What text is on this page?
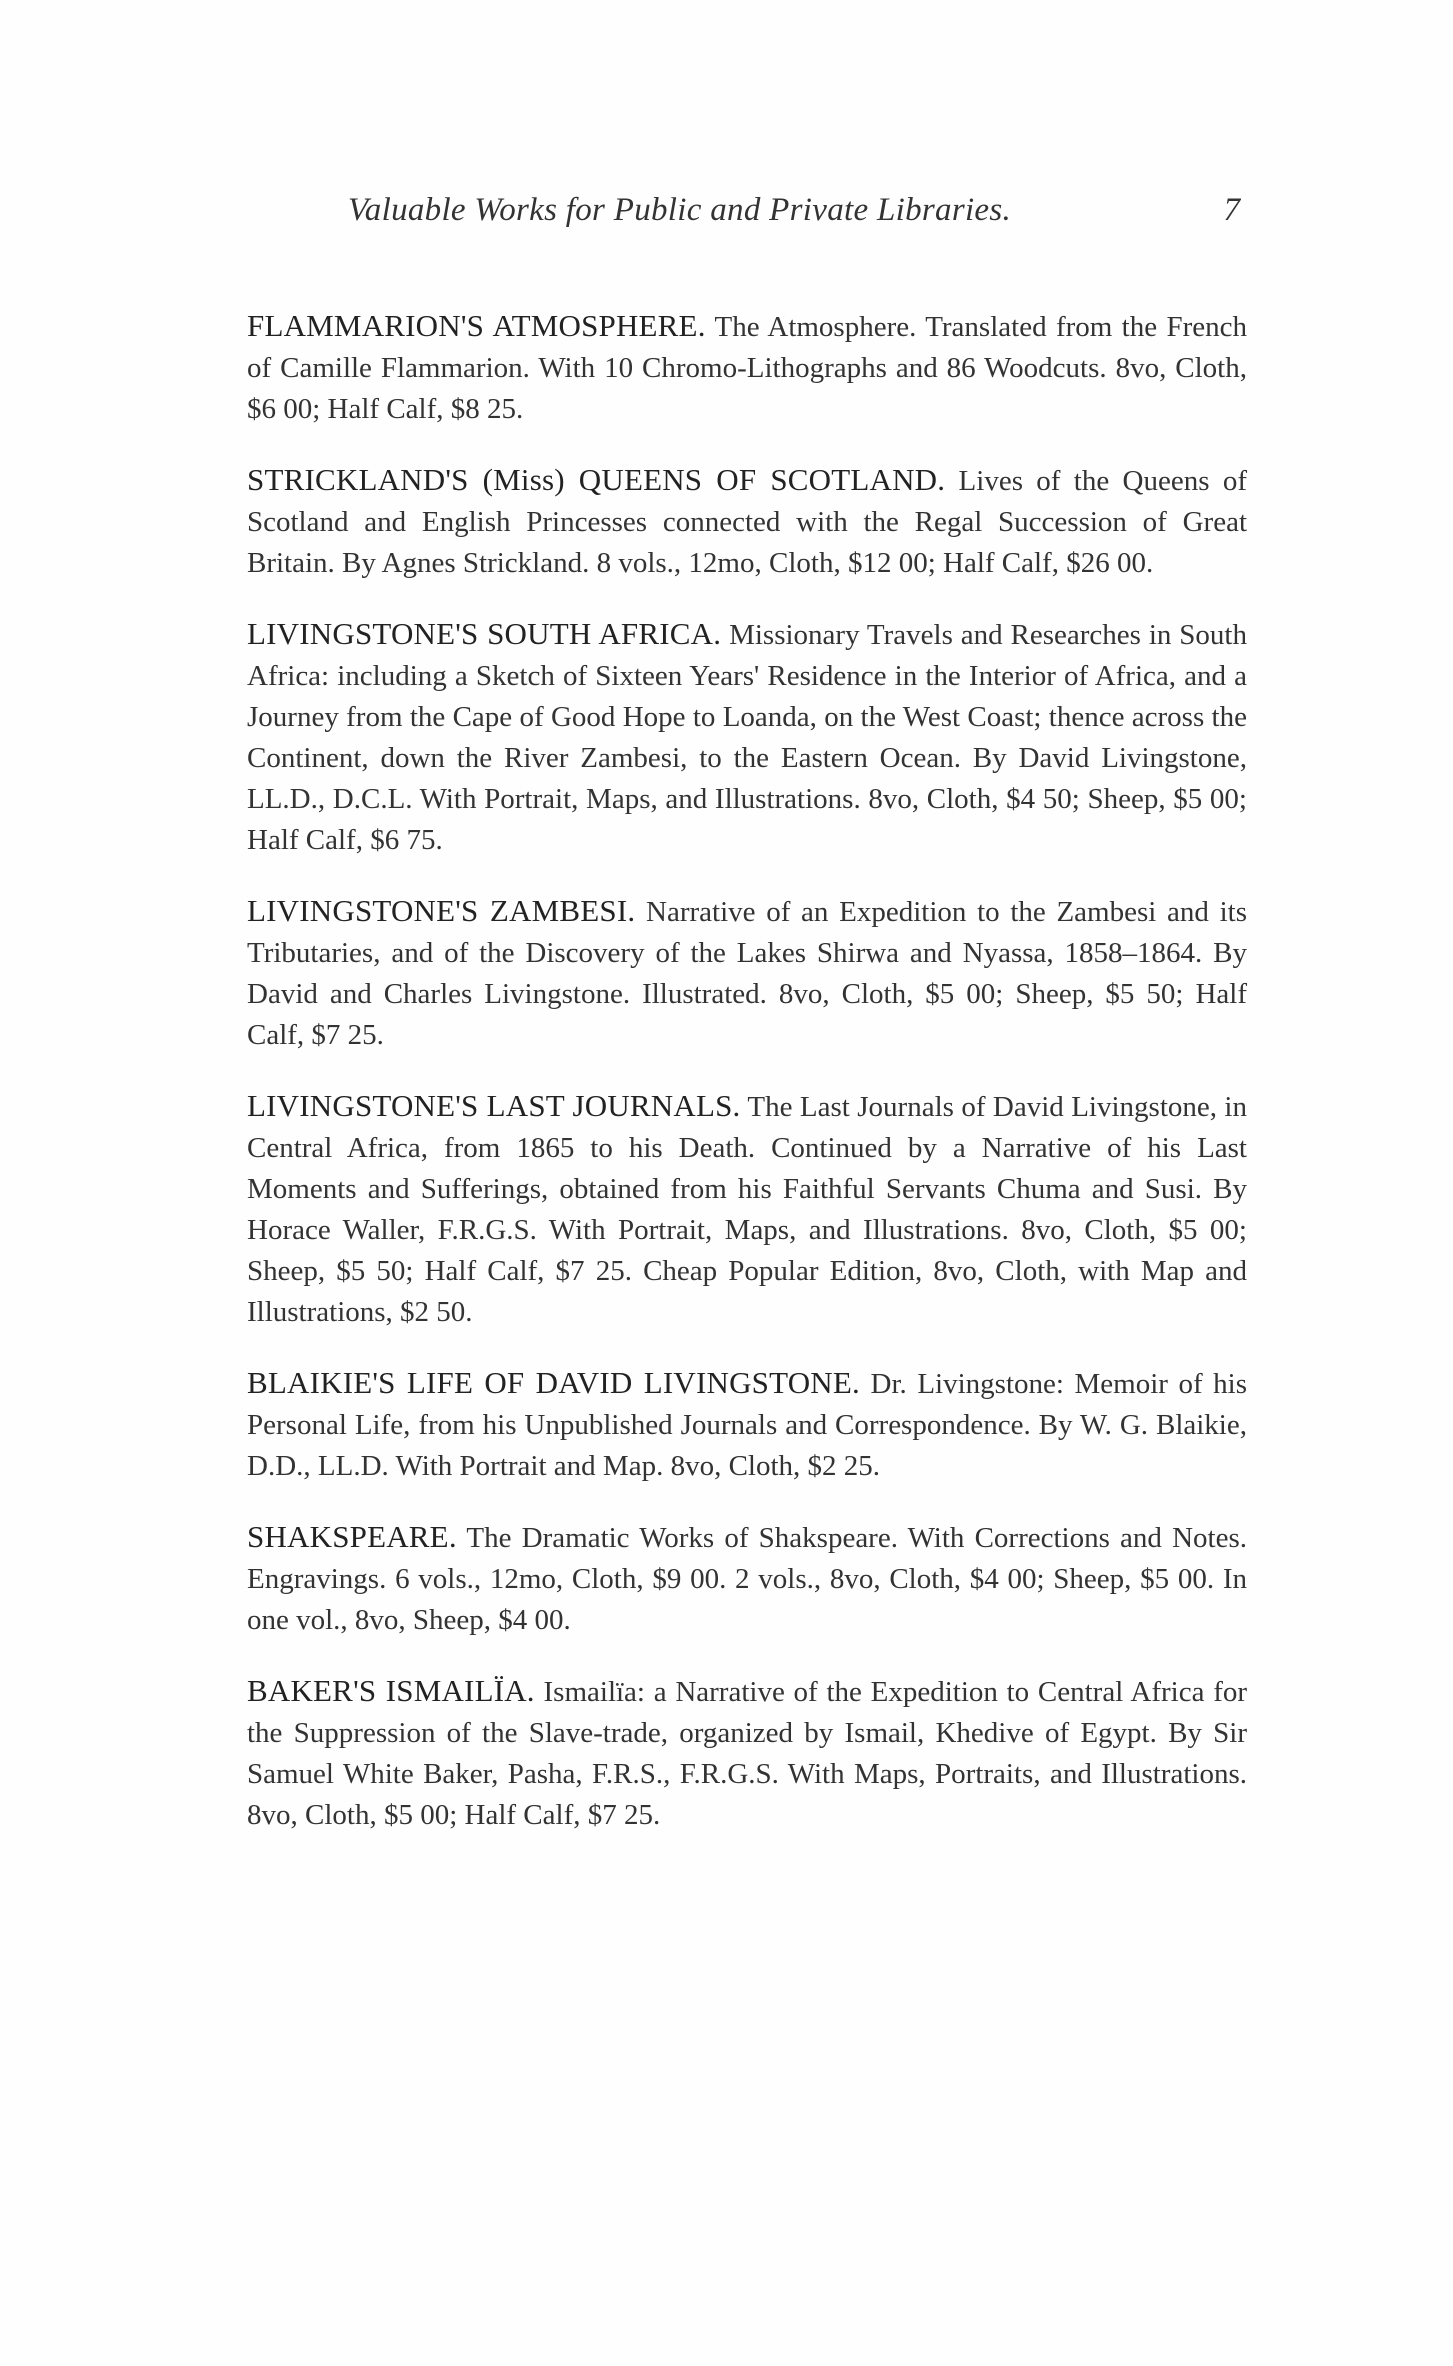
Valuable Works for Public and Private Libraries.	7

FLAMMARION'S ATMOSPHERE. The Atmosphere. Translated from the French of Camille Flammarion. With 10 Chromo-Lithographs and 86 Woodcuts. 8vo, Cloth, $6 00; Half Calf, $8 25.

STRICKLAND'S (Miss) QUEENS OF SCOTLAND. Lives of the Queens of Scotland and English Princesses connected with the Regal Succession of Great Britain. By Agnes Strickland. 8 vols., 12mo, Cloth, $12 00; Half Calf, $26 00.

LIVINGSTONE'S SOUTH AFRICA. Missionary Travels and Researches in South Africa: including a Sketch of Sixteen Years' Residence in the Interior of Africa, and a Journey from the Cape of Good Hope to Loanda, on the West Coast; thence across the Continent, down the River Zambesi, to the Eastern Ocean. By David Livingstone, LL.D., D.C.L. With Portrait, Maps, and Illustrations. 8vo, Cloth, $4 50; Sheep, $5 00; Half Calf, $6 75.

LIVINGSTONE'S ZAMBESI. Narrative of an Expedition to the Zambesi and its Tributaries, and of the Discovery of the Lakes Shirwa and Nyassa, 1858–1864. By David and Charles Livingstone. Illustrated. 8vo, Cloth, $5 00; Sheep, $5 50; Half Calf, $7 25.

LIVINGSTONE'S LAST JOURNALS. The Last Journals of David Livingstone, in Central Africa, from 1865 to his Death. Continued by a Narrative of his Last Moments and Sufferings, obtained from his Faithful Servants Chuma and Susi. By Horace Waller, F.R.G.S. With Portrait, Maps, and Illustrations. 8vo, Cloth, $5 00; Sheep, $5 50; Half Calf, $7 25. Cheap Popular Edition, 8vo, Cloth, with Map and Illustrations, $2 50.

BLAIKIE'S LIFE OF DAVID LIVINGSTONE. Dr. Livingstone: Memoir of his Personal Life, from his Unpublished Journals and Correspondence. By W. G. Blaikie, D.D., LL.D. With Portrait and Map. 8vo, Cloth, $2 25.

SHAKSPEARE. The Dramatic Works of Shakspeare. With Corrections and Notes. Engravings. 6 vols., 12mo, Cloth, $9 00. 2 vols., 8vo, Cloth, $4 00; Sheep, $5 00. In one vol., 8vo, Sheep, $4 00.

BAKER'S ISMAILÏA. Ismailïa: a Narrative of the Expedition to Central Africa for the Suppression of the Slave-trade, organized by Ismail, Khedive of Egypt. By Sir Samuel White Baker, Pasha, F.R.S., F.R.G.S. With Maps, Portraits, and Illustrations. 8vo, Cloth, $5 00; Half Calf, $7 25.
